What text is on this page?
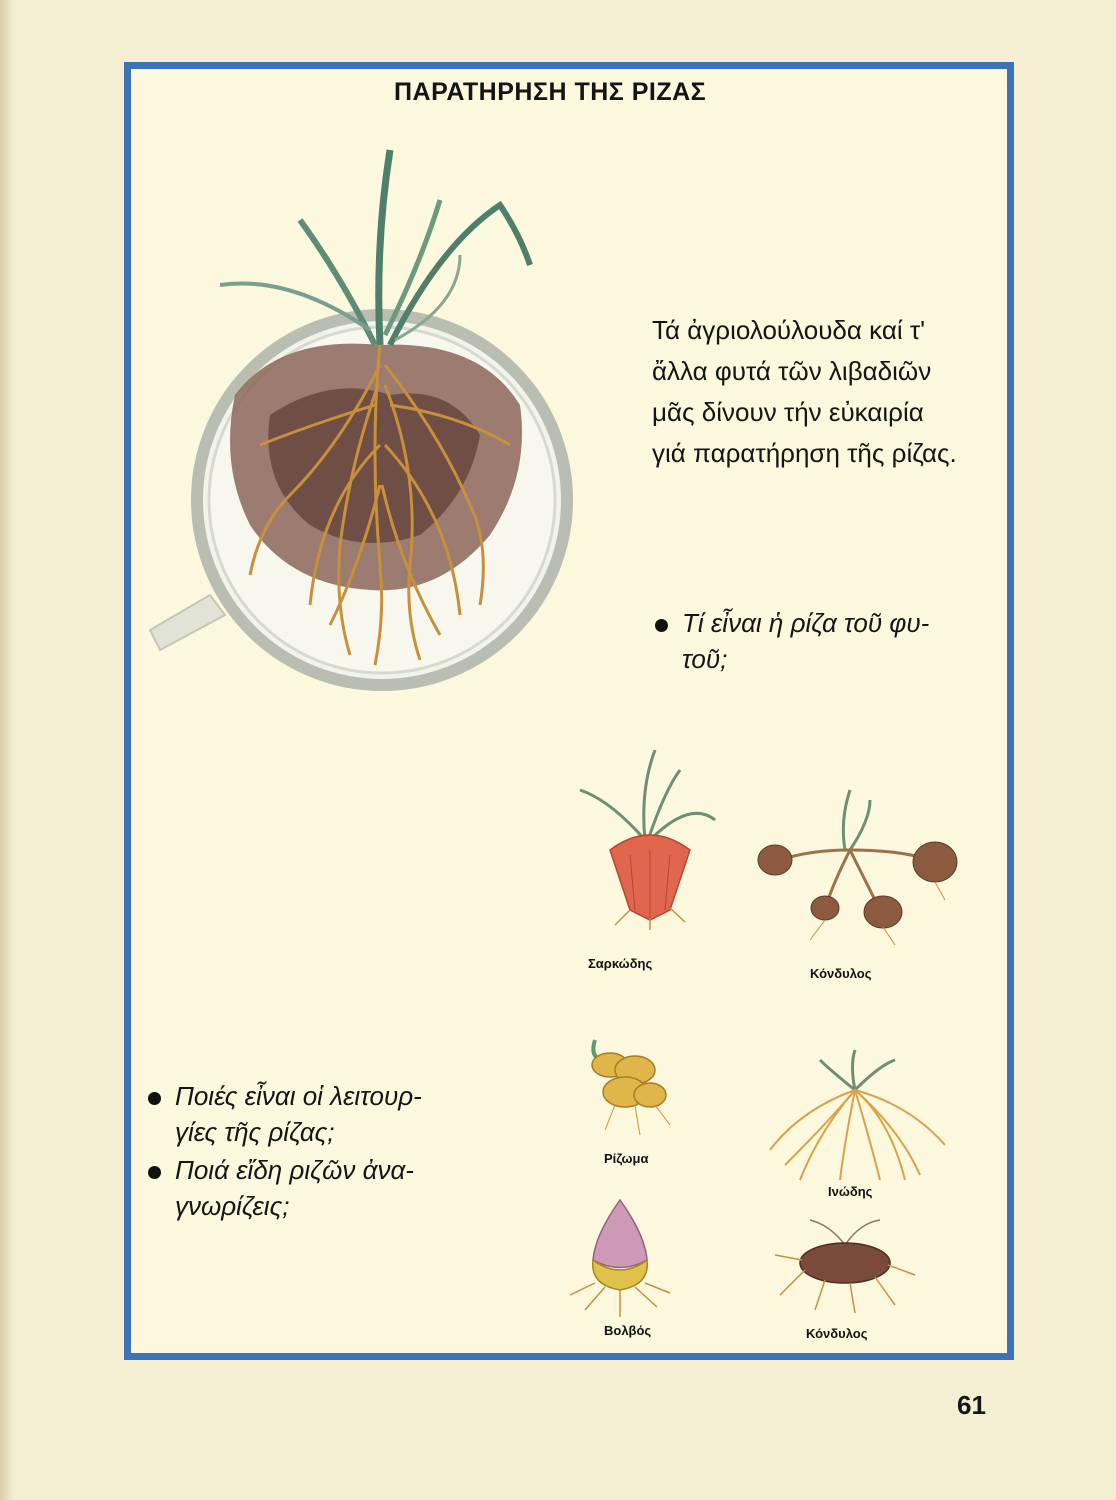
ΠΑΡΑΤΗΡΗΣΗ ΤΗΣ ΡΙΖΑΣ
Τά ἀγριολούλουδα καί τ'
ἄλλα φυτά τῶν λιβαδιῶν
μᾶς δίνουν τήν εὐκαιρία
γιά παρατήρηση τῆς ρίζας.
Τί εἶναι ἡ ρίζα τοῦ φυ-
τοῦ;
Ποιές εἶναι οἱ λειτουρ-
γίες τῆς ρίζας;
Ποιά εἴδη ριζῶν ἀνα-
γνωρίζεις;
Σαρκώδης
Κόνδυλος
Ρίζωμα
Ινώδης
Βολβός	Κόνδυλος
61
